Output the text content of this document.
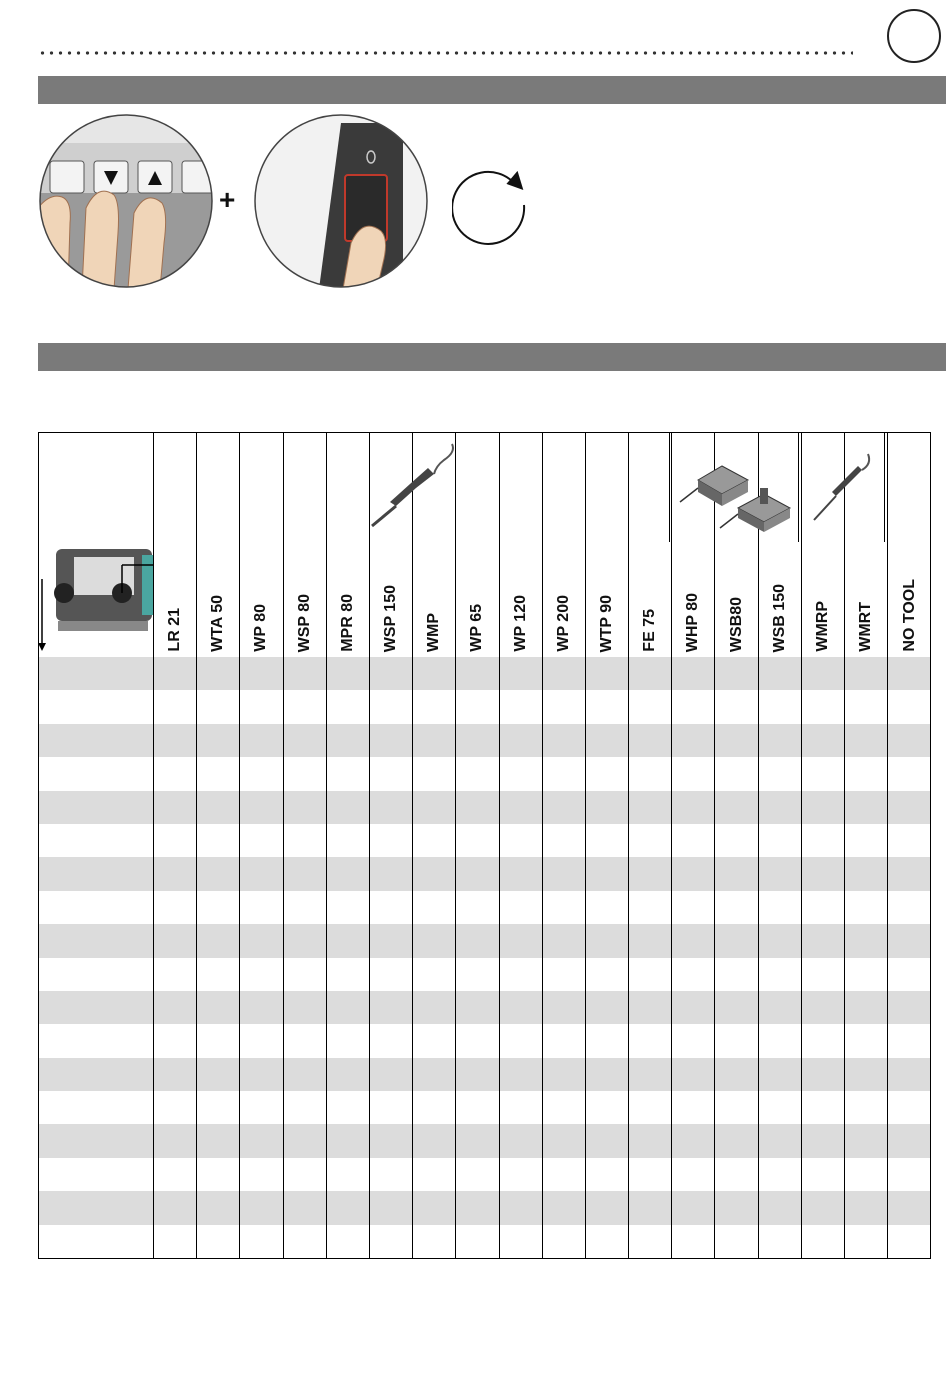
+
	LR 21	WTA 50	WP 80	WSP 80	MPR 80	WSP 150	WMP	WP 65	WP 120	WP 200	WTP 90	FE 75	WHP 80	WSB80	WSB 150	WMRP	WMRT	NO TOOL
